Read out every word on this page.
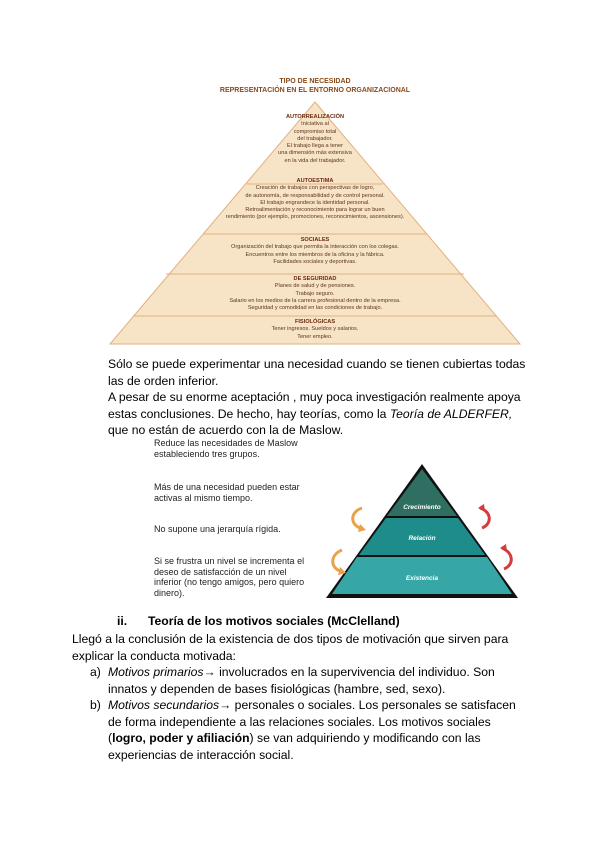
TIPO DE NECESIDAD
REPRESENTACIÓN EN EL ENTORNO ORGANIZACIONAL
AUTORREALIZACIÓN
Iniciativa al
compromiso total
del trabajador.
El trabajo llega a tener
una dimensión más extensiva
en la vida del trabajador.
AUTOESTIMA
Creación de trabajos con perspectivas de logro,
de autonomía, de responsabilidad y de control personal.
El trabajo engrandece la identidad personal.
Retroalimentación y reconocimiento para lograr un buen
rendimiento (por ejemplo, promociones, reconocimientos, ascensiones).
SOCIALES
Organización del trabajo que permita la interacción con los colegas.
Encuentros entre los miembros de la oficina y la fábrica.
Facilidades sociales y deportivas.
DE SEGURIDAD
Planes de salud y de pensiones.
Trabajo seguro.
Salario en los medios de la carrera profesional dentro de la empresa.
Seguridad y comodidad en las condiciones de trabajo.
FISIOLÓGICAS
Tener ingresos. Sueldos y salarios.
Tener empleo.
Sólo se puede experimentar una necesidad cuando se tienen cubiertas todas las de orden inferior.
A pesar de su enorme aceptación , muy poca investigación realmente apoya estas conclusiones. De hecho, hay teorías, como la Teoría de ALDERFER, que no están de acuerdo con la de Maslow.
Reduce las necesidades de Maslow estableciendo tres grupos.
Más de una necesidad pueden estar activas al mismo tiempo.
No supone una jerarquía rígida.
Si se frustra un nivel se incrementa el deseo de satisfacción de un nivel inferior (no tengo amigos, pero quiero dinero).
Crecimiento
Relación
Existencia
ii. Teoría de los motivos sociales (McClelland)
Llegó a la conclusión de la existencia de dos tipos de motivación que sirven para explicar la conducta motivada:
a) Motivos primarios→ involucrados en la supervivencia del individuo. Son innatos y dependen de bases fisiológicas (hambre, sed, sexo).
b) Motivos secundarios→ personales o sociales. Los personales se satisfacen de forma independiente a las relaciones sociales. Los motivos sociales (logro, poder y afiliación) se van adquiriendo y modificando con las experiencias de interacción social.
